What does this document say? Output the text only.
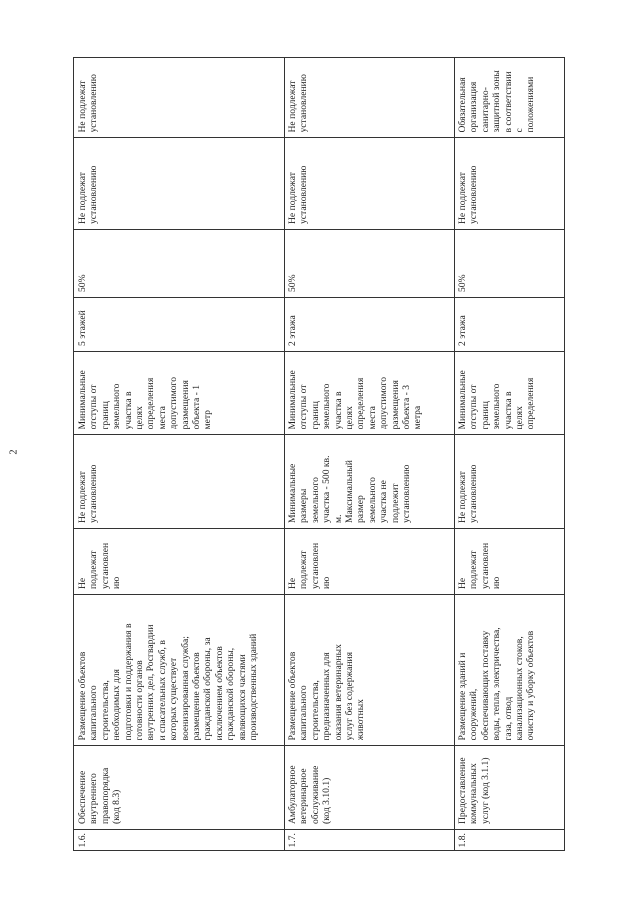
2
1.6.
Обеспечение
внутреннего
правопорядка
(код 8.3)
Размещение объектов
капитального
строительства,
необходимых для
подготовки и поддержания в
готовности органов
внутренних дел, Росгвардии
и спасательных служб, в
которых существует
военизированная служба;
размещение объектов
гражданской обороны, за
исключением объектов
гражданской обороны,
являющихся частями
производственных зданий
Не
подлежат
установлен
ию
Не подлежат
установлению
Минимальные
отступы от
границ
земельного
участка в
целях
определения
места
допустимого
размещения
объекта - 1
метр
5 этажей
50%
Не подлежат
установлению
Не подлежат
установлению
1.7.
Амбулаторное
ветеринарное
обслуживание
(код 3.10.1)
Размещение объектов
капитального
строительства,
предназначенных для
оказания ветеринарных
услуг без содержания
животных
Не
подлежат
установлен
ию
Минимальные
размеры
земельного
участка - 500 кв.
м.
Максимальный
размер
земельного
участка не
подлежит
установлению
Минимальные
отступы от
границ
земельного
участка в
целях
определения
места
допустимого
размещения
объекта - 3
метра
2 этажа
50%
Не подлежат
установлению
Не подлежат
установлению
1.8.
Предоставление
коммунальных
услуг (код 3.1.1)
Размещение зданий и
сооружений,
обеспечивающих поставку
воды, тепла, электричества,
газа, отвод
канализационных стоков,
очистку и уборку объектов
Не
подлежат
установлен
ию
Не подлежат
установлению
Минимальные
отступы от
границ
земельного
участка в
целях
определения
2 этажа
50%
Не подлежат
установлению
Обязательная
организация
санитарно-
защитной зоны
в соответствии
с
положениями
